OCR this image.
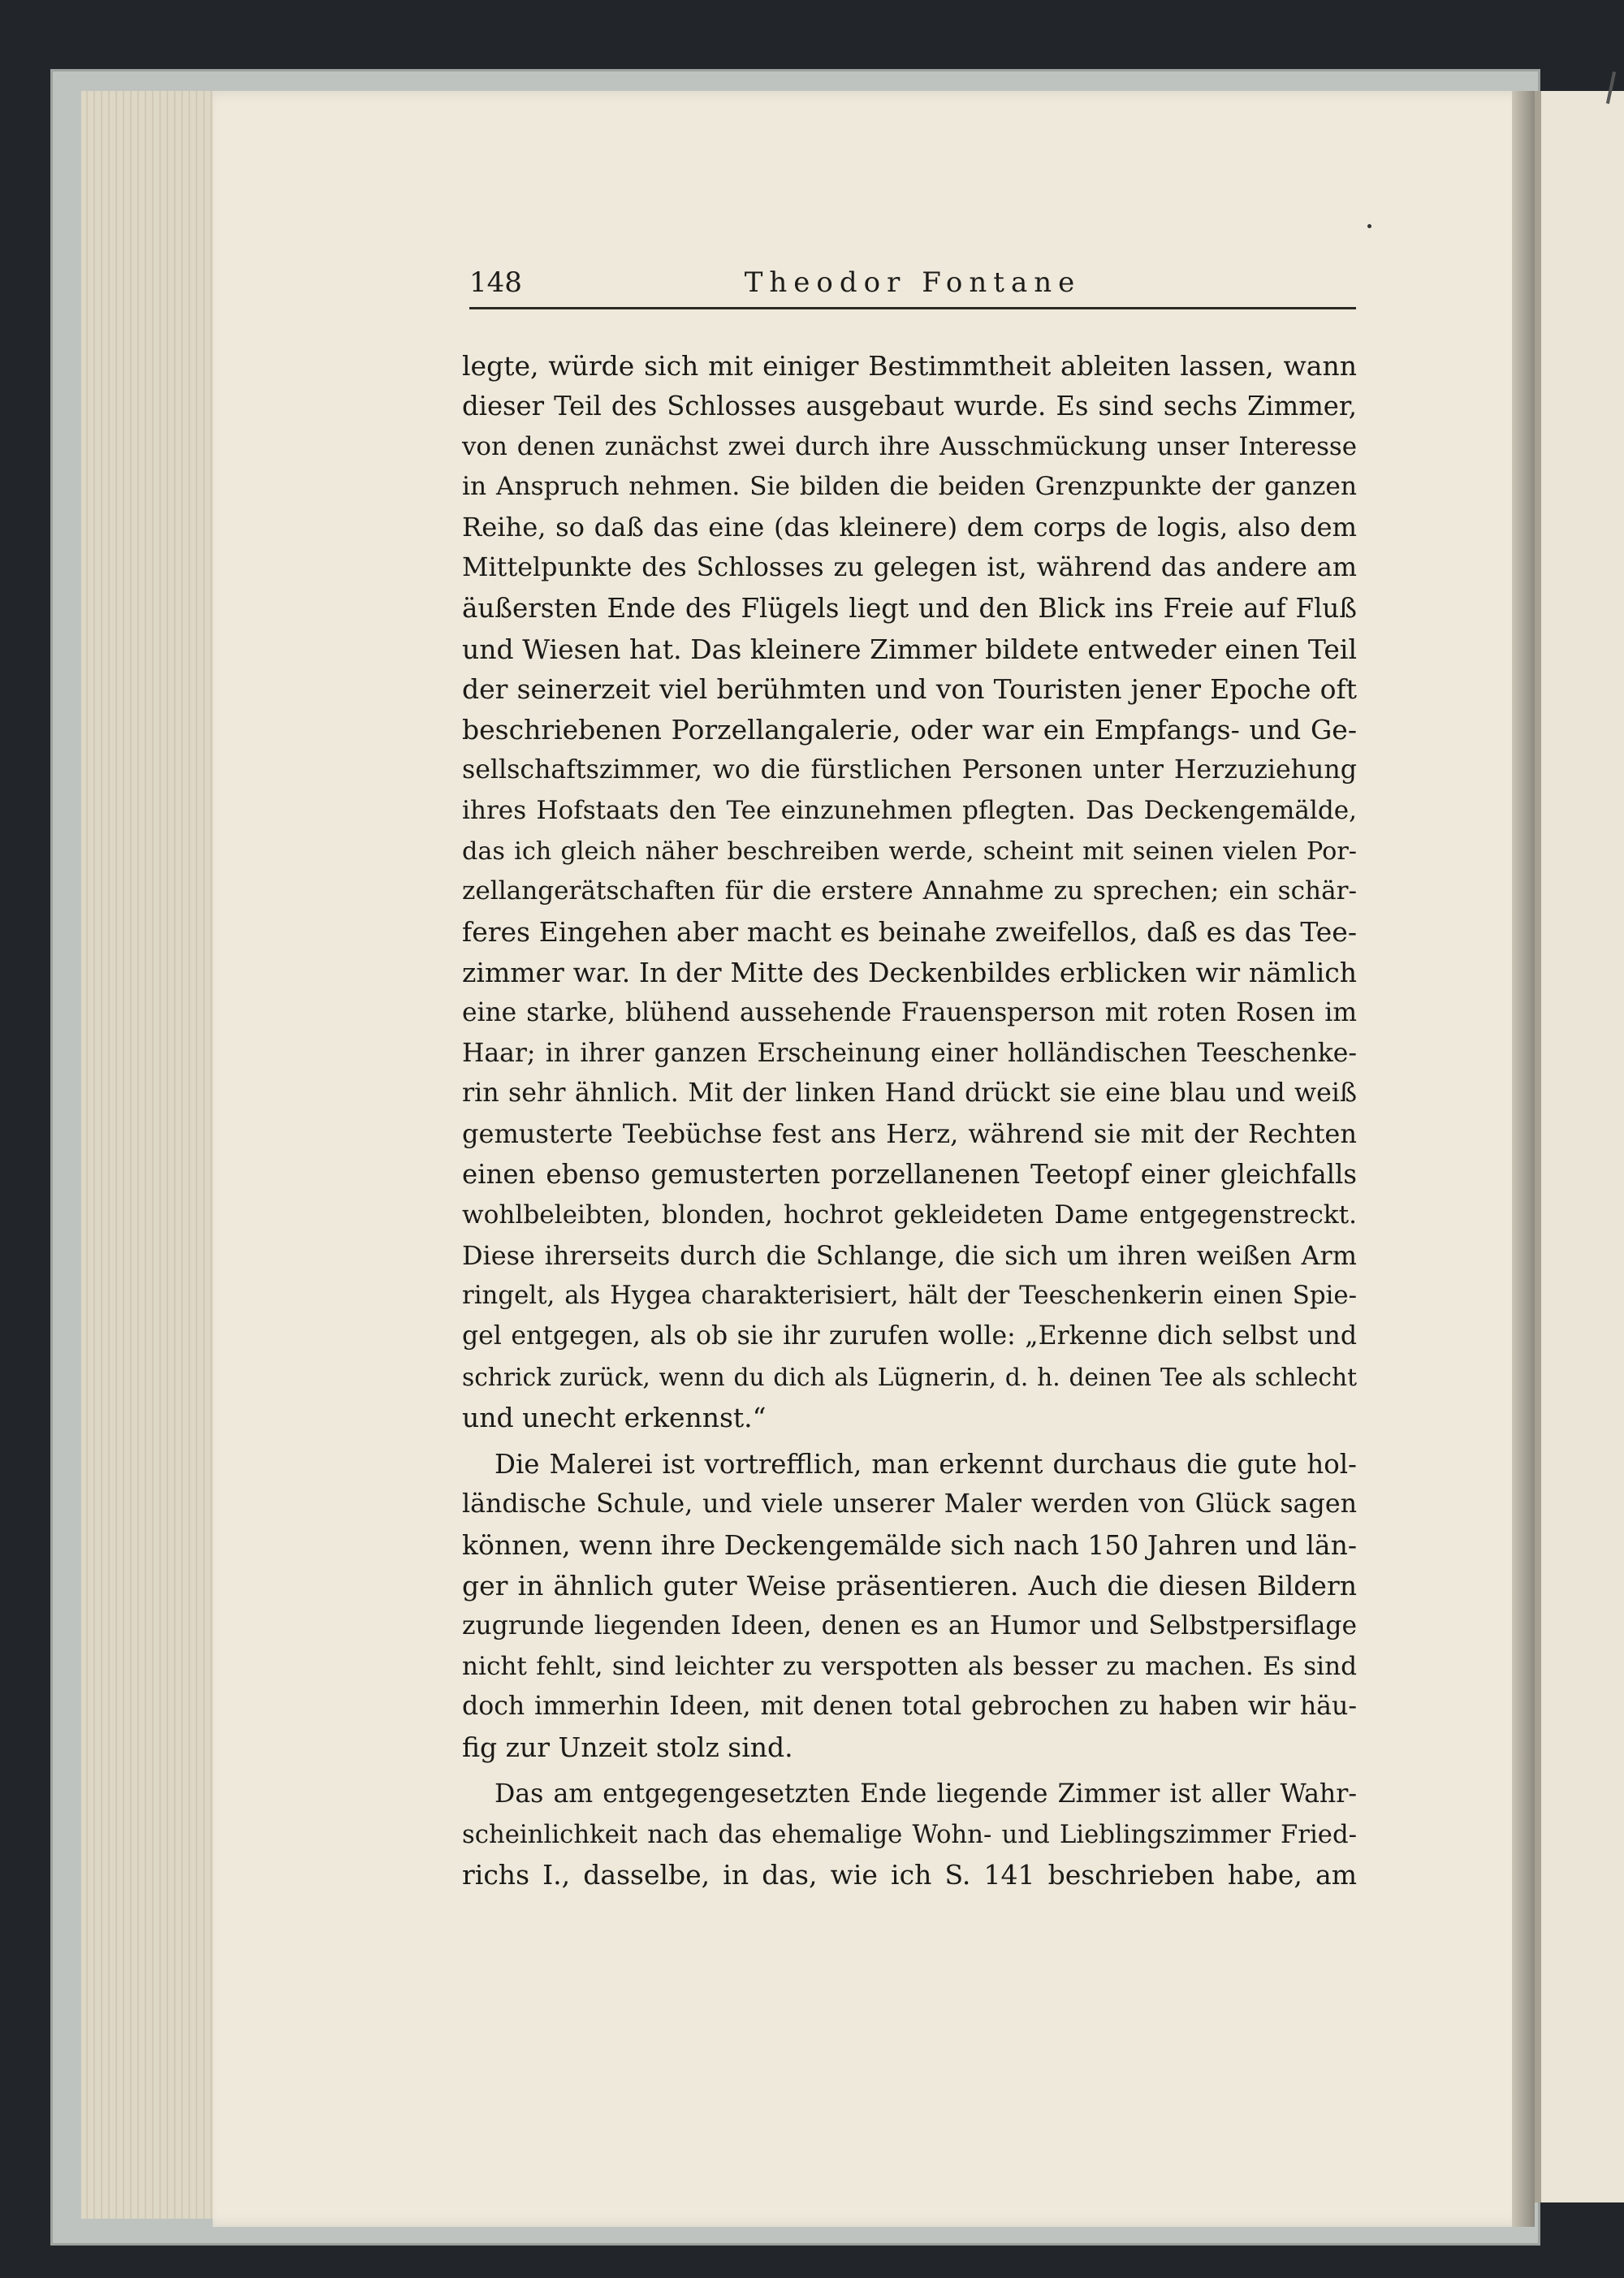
148	Theodor Fontane
legte, würde sich mit einiger Bestimmtheit ableiten lassen, wann
dieser Teil des Schlosses ausgebaut wurde. Es sind sechs Zimmer,
von denen zunächst zwei durch ihre Ausschmückung unser Interesse
in Anspruch nehmen. Sie bilden die beiden Grenzpunkte der ganzen
Reihe, so daß das eine (das kleinere) dem corps de logis, also dem
Mittelpunkte des Schlosses zu gelegen ist, während das andere am
äußersten Ende des Flügels liegt und den Blick ins Freie auf Fluß
und Wiesen hat. Das kleinere Zimmer bildete entweder einen Teil
der seinerzeit viel berühmten und von Touristen jener Epoche oft
beschriebenen Porzellangalerie, oder war ein Empfangs- und Ge-
sellschaftszimmer, wo die fürstlichen Personen unter Herzuziehung
ihres Hofstaats den Tee einzunehmen pflegten. Das Deckengemälde,
das ich gleich näher beschreiben werde, scheint mit seinen vielen Por-
zellangerätschaften für die erstere Annahme zu sprechen; ein schär-
feres Eingehen aber macht es beinahe zweifellos, daß es das Tee-
zimmer war. In der Mitte des Deckenbildes erblicken wir nämlich
eine starke, blühend aussehende Frauensperson mit roten Rosen im
Haar; in ihrer ganzen Erscheinung einer holländischen Teeschenke-
rin sehr ähnlich. Mit der linken Hand drückt sie eine blau und weiß
gemusterte Teebüchse fest ans Herz, während sie mit der Rechten
einen ebenso gemusterten porzellanenen Teetopf einer gleichfalls
wohlbeleibten, blonden, hochrot gekleideten Dame entgegenstreckt.
Diese ihrerseits durch die Schlange, die sich um ihren weißen Arm
ringelt, als Hygea charakterisiert, hält der Teeschenkerin einen Spie-
gel entgegen, als ob sie ihr zurufen wolle: „Erkenne dich selbst und
schrick zurück, wenn du dich als Lügnerin, d. h. deinen Tee als schlecht
und unecht erkennst.“
Die Malerei ist vortrefflich, man erkennt durchaus die gute hol-
ländische Schule, und viele unserer Maler werden von Glück sagen
können, wenn ihre Deckengemälde sich nach 150 Jahren und län-
ger in ähnlich guter Weise präsentieren. Auch die diesen Bildern
zugrunde liegenden Ideen, denen es an Humor und Selbstpersiflage
nicht fehlt, sind leichter zu verspotten als besser zu machen. Es sind
doch immerhin Ideen, mit denen total gebrochen zu haben wir häu-
fig zur Unzeit stolz sind.
Das am entgegengesetzten Ende liegende Zimmer ist aller Wahr-
scheinlichkeit nach das ehemalige Wohn- und Lieblingszimmer Fried-
richs I., dasselbe, in das, wie ich S. 141 beschrieben habe, am
